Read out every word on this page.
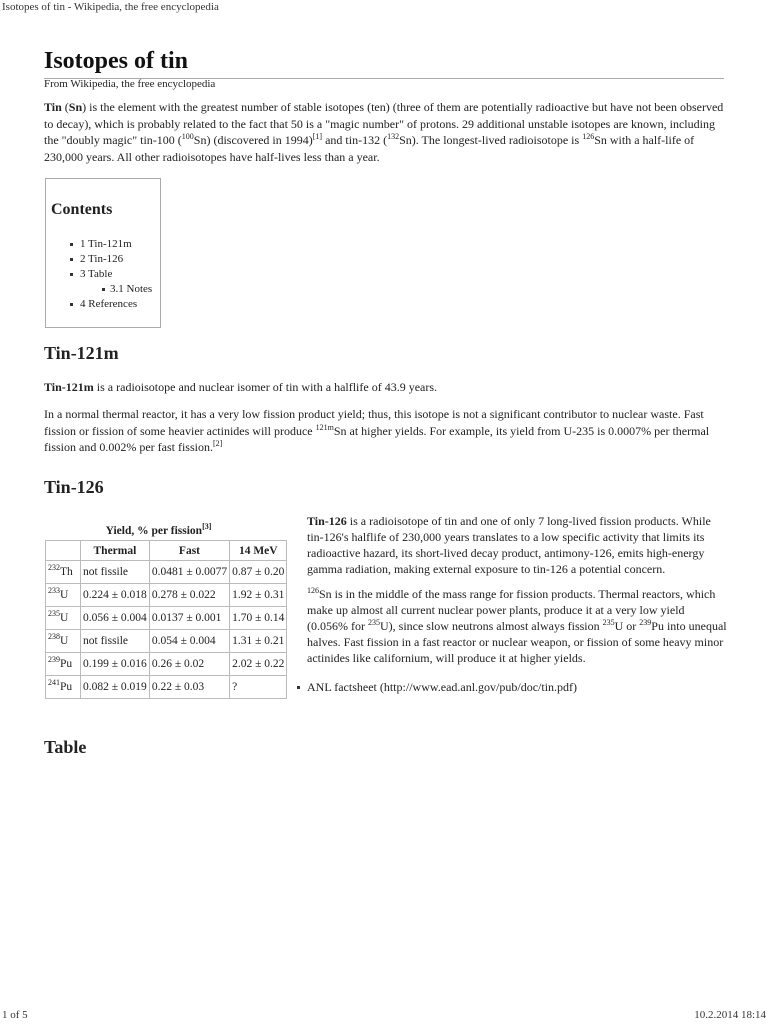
Isotopes of tin - Wikipedia, the free encyclopedia
Isotopes of tin
From Wikipedia, the free encyclopedia

Tin (Sn) is the element with the greatest number of stable isotopes (ten) (three of them are potentially radioactive but have not been observed to decay), which is probably related to the fact that 50 is a "magic number" of protons. 29 additional unstable isotopes are known, including the "doubly magic" tin-100 ($^{100}$Sn) (discovered in 1994)[1] and tin-132 ($^{132}$Sn). The longest-lived radioisotope is $^{126}$Sn with a half-life of 230,000 years. All other radioisotopes have half-lives less than a year.

Contents
1 Tin-121m
2 Tin-126
3 Table
3.1 Notes
4 References
Tin-121m

Tin-121m is a radioisotope and nuclear isomer of tin with a halflife of 43.9 years.

In a normal thermal reactor, it has a very low fission product yield; thus, this isotope is not a significant contributor to nuclear waste. Fast fission or fission of some heavier actinides will produce $^{121m}$Sn at higher yields. For example, its yield from U-235 is 0.0007% per thermal fission and 0.002% per fast fission.[2]

Tin-126
Yield, % per fission[3]
	Thermal	Fast	14 MeV
$^{232}$Th	not fissile	0.0481 ± 0.0077	0.87 ± 0.20
$^{233}$U	0.224 ± 0.018	0.278 ± 0.022	1.92 ± 0.31
$^{235}$U	0.056 ± 0.004	0.0137 ± 0.001	1.70 ± 0.14
$^{238}$U	not fissile	0.054 ± 0.004	1.31 ± 0.21
$^{239}$Pu	0.199 ± 0.016	0.26 ± 0.02	2.02 ± 0.22
$^{241}$Pu	0.082 ± 0.019	0.22 ± 0.03	?

Tin-126 is a radioisotope of tin and one of only 7 long-lived fission products. While tin-126's halflife of 230,000 years translates to a low specific activity that limits its radioactive hazard, its short-lived decay product, antimony-126, emits high-energy gamma radiation, making external exposure to tin-126 a potential concern.

$^{126}$Sn is in the middle of the mass range for fission products. Thermal reactors, which make up almost all current nuclear power plants, produce it at a very low yield (0.056% for $^{235}$U), since slow neutrons almost always fission $^{235}$U or $^{239}$Pu into unequal halves. Fast fission in a fast reactor or nuclear weapon, or fission of some heavy minor actinides like californium, will produce it at higher yields.

ANL factsheet (http://www.ead.anl.gov/pub/doc/tin.pdf)
Table
1 of 5	10.2.2014 18:14
